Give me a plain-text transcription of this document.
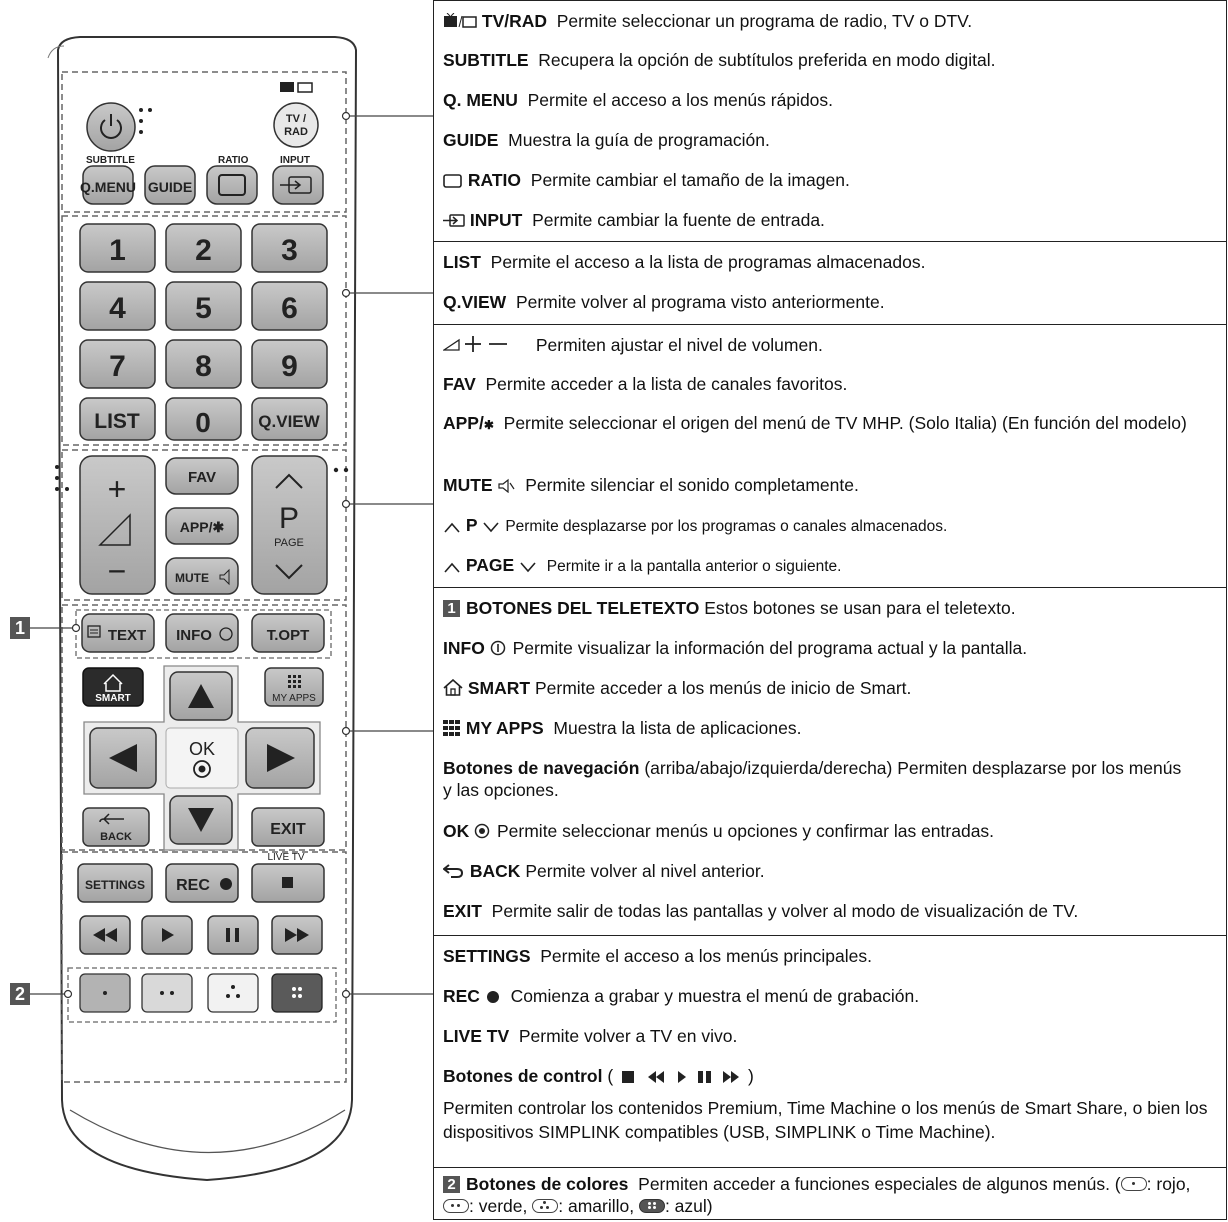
TV /
RAD
SUBTITLE	RATIO	INPUT
Q.MENU GUIDE
1 2 3
4 5 6
7 8 9
LIST 0	Q.VIEW
+
−
FAV
APP/✱
MUTE
P
PAGE
TEXT INFO	T.OPT
SMART	MY APPS
OK
BACK	EXIT
LIVE TV
SETTINGS REC
1
2
TV/RAD Permite seleccionar un programa de radio, TV o DTV.
SUBTITLE Recupera la opción de subtítulos preferida en modo digital.
Q. MENU Permite el acceso a los menús rápidos.
GUIDE Muestra la guía de programación.
RATIO Permite cambiar el tamaño de la imagen.
INPUT Permite cambiar la fuente de entrada.
LIST Permite el acceso a la lista de programas almacenados.
Q.VIEW Permite volver al programa visto anteriormente.
Permiten ajustar el nivel de volumen.
FAV Permite acceder a la lista de canales favoritos.
APP/✱ Permite seleccionar el origen del menú de TV MHP. (Solo Italia) (En función del modelo)
MUTE Permite silenciar el sonido completamente.
P Permite desplazarse por los programas o canales almacenados.
PAGE Permite ir a la pantalla anterior o siguiente.
1 BOTONES DEL TELETEXTO Estos botones se usan para el teletexto.
INFO Permite visualizar la información del programa actual y la pantalla.
SMART Permite acceder a los menús de inicio de Smart.
MY APPS Muestra la lista de aplicaciones.
Botones de navegación (arriba/abajo/izquierda/derecha) Permiten desplazarse por los menús y las opciones.
OK Permite seleccionar menús u opciones y confirmar las entradas.
BACK Permite volver al nivel anterior.
EXIT Permite salir de todas las pantallas y volver al modo de visualización de TV.
SETTINGS Permite el acceso a los menús principales.
REC Comienza a grabar y muestra el menú de grabación.
LIVE TV Permite volver a TV en vivo.
Botones de control (	)
Permiten controlar los contenidos Premium, Time Machine o los menús de Smart Share, o bien los dispositivos SIMPLINK compatibles (USB, SIMPLINK o Time Machine).
2 Botones de colores Permiten acceder a funciones especiales de algunos menús. ( : rojo,
: verde,
: amarillo,
: azul)
